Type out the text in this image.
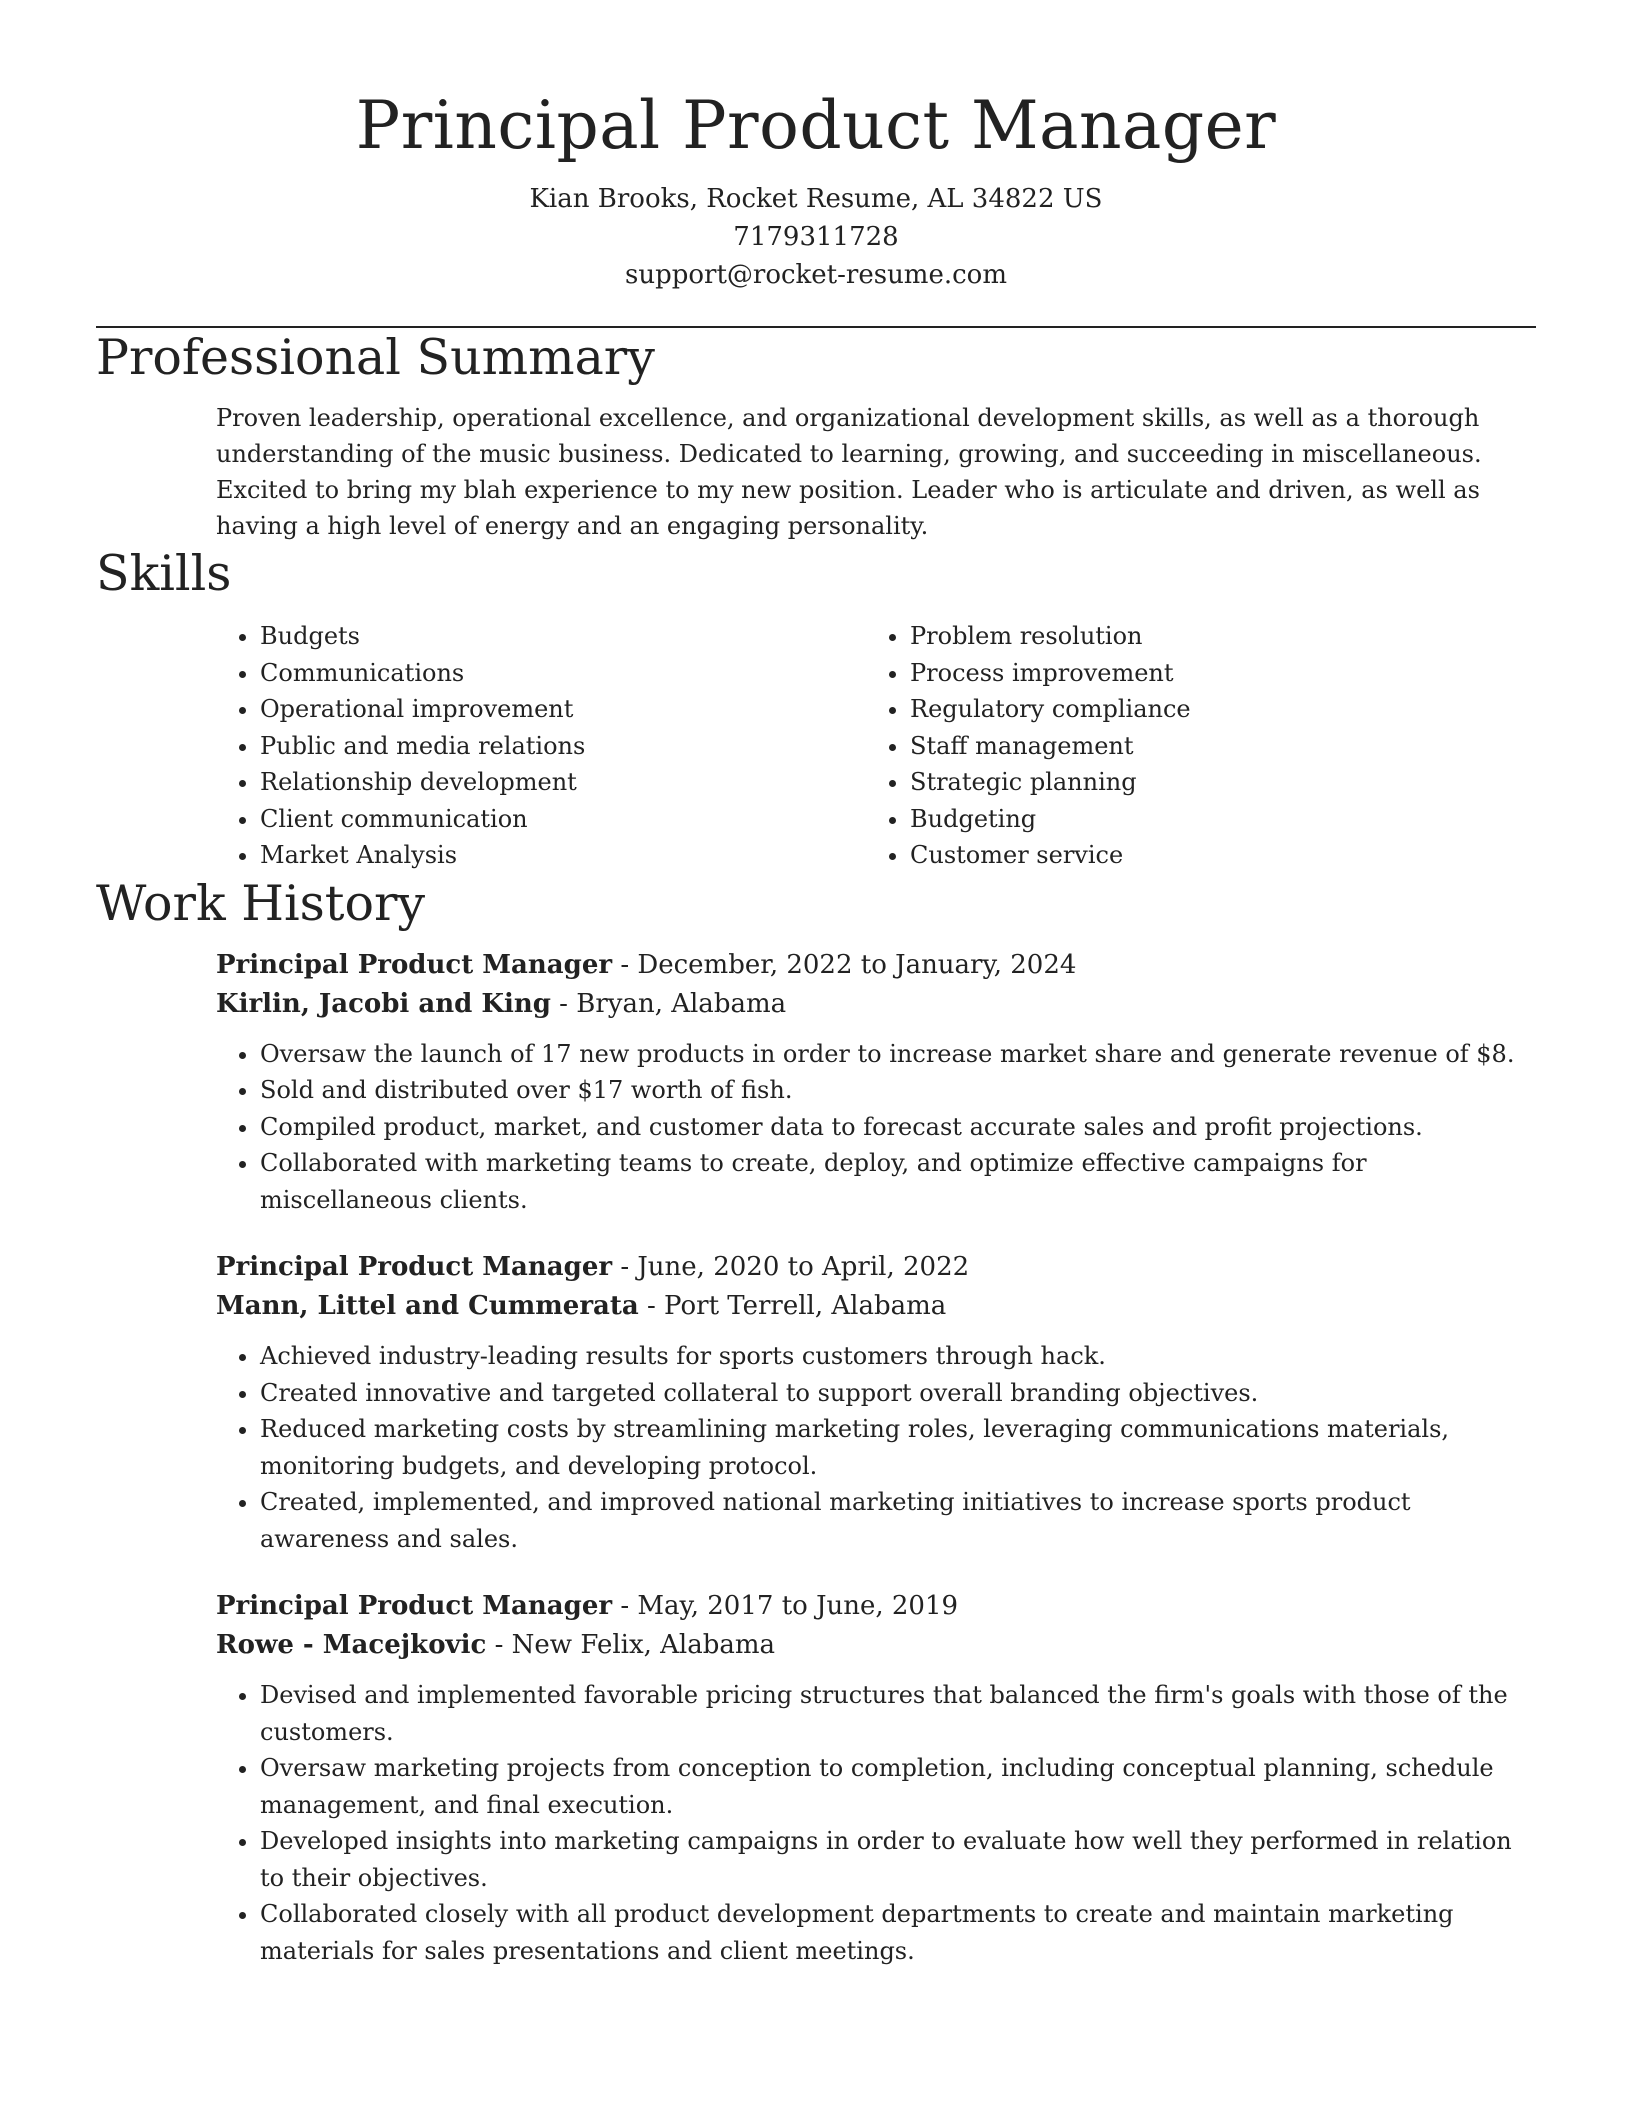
Principal Product Manager
Kian Brooks, Rocket Resume, AL 34822 US
7179311728
support@rocket-resume.com
Professional Summary

Proven leadership, operational excellence, and organizational development skills, as well as a thorough understanding of the music business. Dedicated to learning, growing, and succeeding in miscellaneous. Excited to bring my blah experience to my new position. Leader who is articulate and driven, as well as having a high level of energy and an engaging personality.

Skills
• Budgets
• Communications
• Operational improvement
• Public and media relations
• Relationship development
• Client communication
• Market Analysis
• Problem resolution
• Process improvement
• Regulatory compliance
• Staff management
• Strategic planning
• Budgeting
• Customer service
Work History
Principal Product Manager - December, 2022 to January, 2024
Kirlin, Jacobi and King - Bryan, Alabama
• Oversaw the launch of 17 new products in order to increase market share and generate revenue of $8.
• Sold and distributed over $17 worth of fish.
• Compiled product, market, and customer data to forecast accurate sales and profit projections.
• Collaborated with marketing teams to create, deploy, and optimize effective campaigns for miscellaneous clients.
Principal Product Manager - June, 2020 to April, 2022
Mann, Littel and Cummerata - Port Terrell, Alabama
• Achieved industry-leading results for sports customers through hack.
• Created innovative and targeted collateral to support overall branding objectives.
• Reduced marketing costs by streamlining marketing roles, leveraging communications materials, monitoring budgets, and developing protocol.
• Created, implemented, and improved national marketing initiatives to increase sports product awareness and sales.
Principal Product Manager - May, 2017 to June, 2019
Rowe - Macejkovic - New Felix, Alabama
• Devised and implemented favorable pricing structures that balanced the firm's goals with those of the customers.
• Oversaw marketing projects from conception to completion, including conceptual planning, schedule management, and final execution.
• Developed insights into marketing campaigns in order to evaluate how well they performed in relation to their objectives.
• Collaborated closely with all product development departments to create and maintain marketing materials for sales presentations and client meetings.
